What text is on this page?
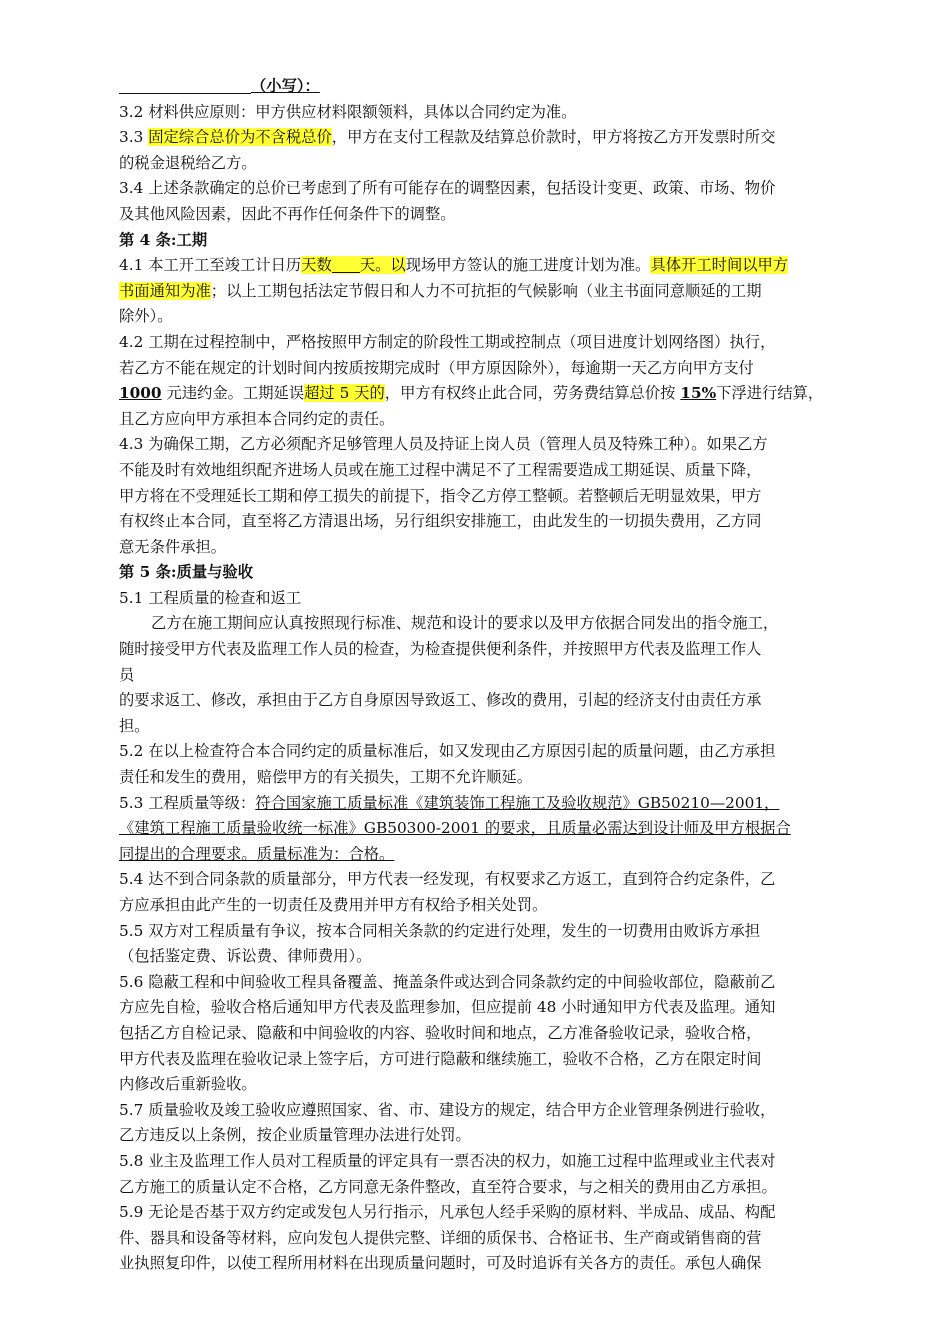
（小写）：
3.2 材料供应原则：甲方供应材料限额领料，具体以合同约定为准。
3.3 固定综合总价为不含税总价，甲方在支付工程款及结算总价款时，甲方将按乙方开发票时所交
的税金退税给乙方。
3.4 上述条款确定的总价已考虑到了所有可能存在的调整因素，包括设计变更、政策、市场、物价
及其他风险因素，因此不再作任何条件下的调整。
第 4 条:工期
4.1 本工开工至竣工计日历天数 天。以现场甲方签认的施工进度计划为准。具体开工时间以甲方
书面通知为准；以上工期包括法定节假日和人力不可抗拒的气候影响（业主书面同意顺延的工期
除外）。
4.2 工期在过程控制中，严格按照甲方制定的阶段性工期或控制点（项目进度计划网络图）执行，
若乙方不能在规定的计划时间内按质按期完成时（甲方原因除外），每逾期一天乙方向甲方支付
1000 元违约金。工期延误超过 5 天的，甲方有权终止此合同，劳务费结算总价按 15%下浮进行结算，
且乙方应向甲方承担本合同约定的责任。
4.3 为确保工期，乙方必须配齐足够管理人员及持证上岗人员（管理人员及特殊工种）。如果乙方
不能及时有效地组织配齐进场人员或在施工过程中满足不了工程需要造成工期延误、质量下降，
甲方将在不受理延长工期和停工损失的前提下，指令乙方停工整顿。若整顿后无明显效果，甲方
有权终止本合同，直至将乙方清退出场，另行组织安排施工，由此发生的一切损失费用，乙方同
意无条件承担。
第 5 条:质量与验收
5.1 工程质量的检查和返工
乙方在施工期间应认真按照现行标准、规范和设计的要求以及甲方依据合同发出的指令施工，
随时接受甲方代表及监理工作人员的检查，为检查提供便利条件，并按照甲方代表及监理工作人
员
的要求返工、修改，承担由于乙方自身原因导致返工、修改的费用，引起的经济支付由责任方承
担。
5.2 在以上检查符合本合同约定的质量标准后，如又发现由乙方原因引起的质量问题，由乙方承担
责任和发生的费用，赔偿甲方的有关损失，工期不允许顺延。
5.3 工程质量等级：符合国家施工质量标准《建筑装饰工程施工及验收规范》GB50210—2001，
《建筑工程施工质量验收统一标准》GB50300-2001 的要求，且质量必需达到设计师及甲方根据合
同提出的合理要求。质量标准为：合格。
5.4 达不到合同条款的质量部分，甲方代表一经发现，有权要求乙方返工，直到符合约定条件，乙
方应承担由此产生的一切责任及费用并甲方有权给予相关处罚。
5.5 双方对工程质量有争议，按本合同相关条款的约定进行处理，发生的一切费用由败诉方承担
（包括鉴定费、诉讼费、律师费用）。
5.6 隐蔽工程和中间验收工程具备覆盖、掩盖条件或达到合同条款约定的中间验收部位，隐蔽前乙
方应先自检，验收合格后通知甲方代表及监理参加，但应提前 48 小时通知甲方代表及监理。通知
包括乙方自检记录、隐蔽和中间验收的内容、验收时间和地点，乙方准备验收记录，验收合格，
甲方代表及监理在验收记录上签字后，方可进行隐蔽和继续施工，验收不合格，乙方在限定时间
内修改后重新验收。
5.7 质量验收及竣工验收应遵照国家、省、市、建设方的规定，结合甲方企业管理条例进行验收，
乙方违反以上条例，按企业质量管理办法进行处罚。
5.8 业主及监理工作人员对工程质量的评定具有一票否决的权力，如施工过程中监理或业主代表对
乙方施工的质量认定不合格，乙方同意无条件整改，直至符合要求，与之相关的费用由乙方承担。
5.9 无论是否基于双方约定或发包人另行指示，凡承包人经手采购的原材料、半成品、成品、构配
件、器具和设备等材料，应向发包人提供完整、详细的质保书、合格证书、生产商或销售商的营
业执照复印件，以使工程所用材料在出现质量问题时，可及时追诉有关各方的责任。承包人确保
